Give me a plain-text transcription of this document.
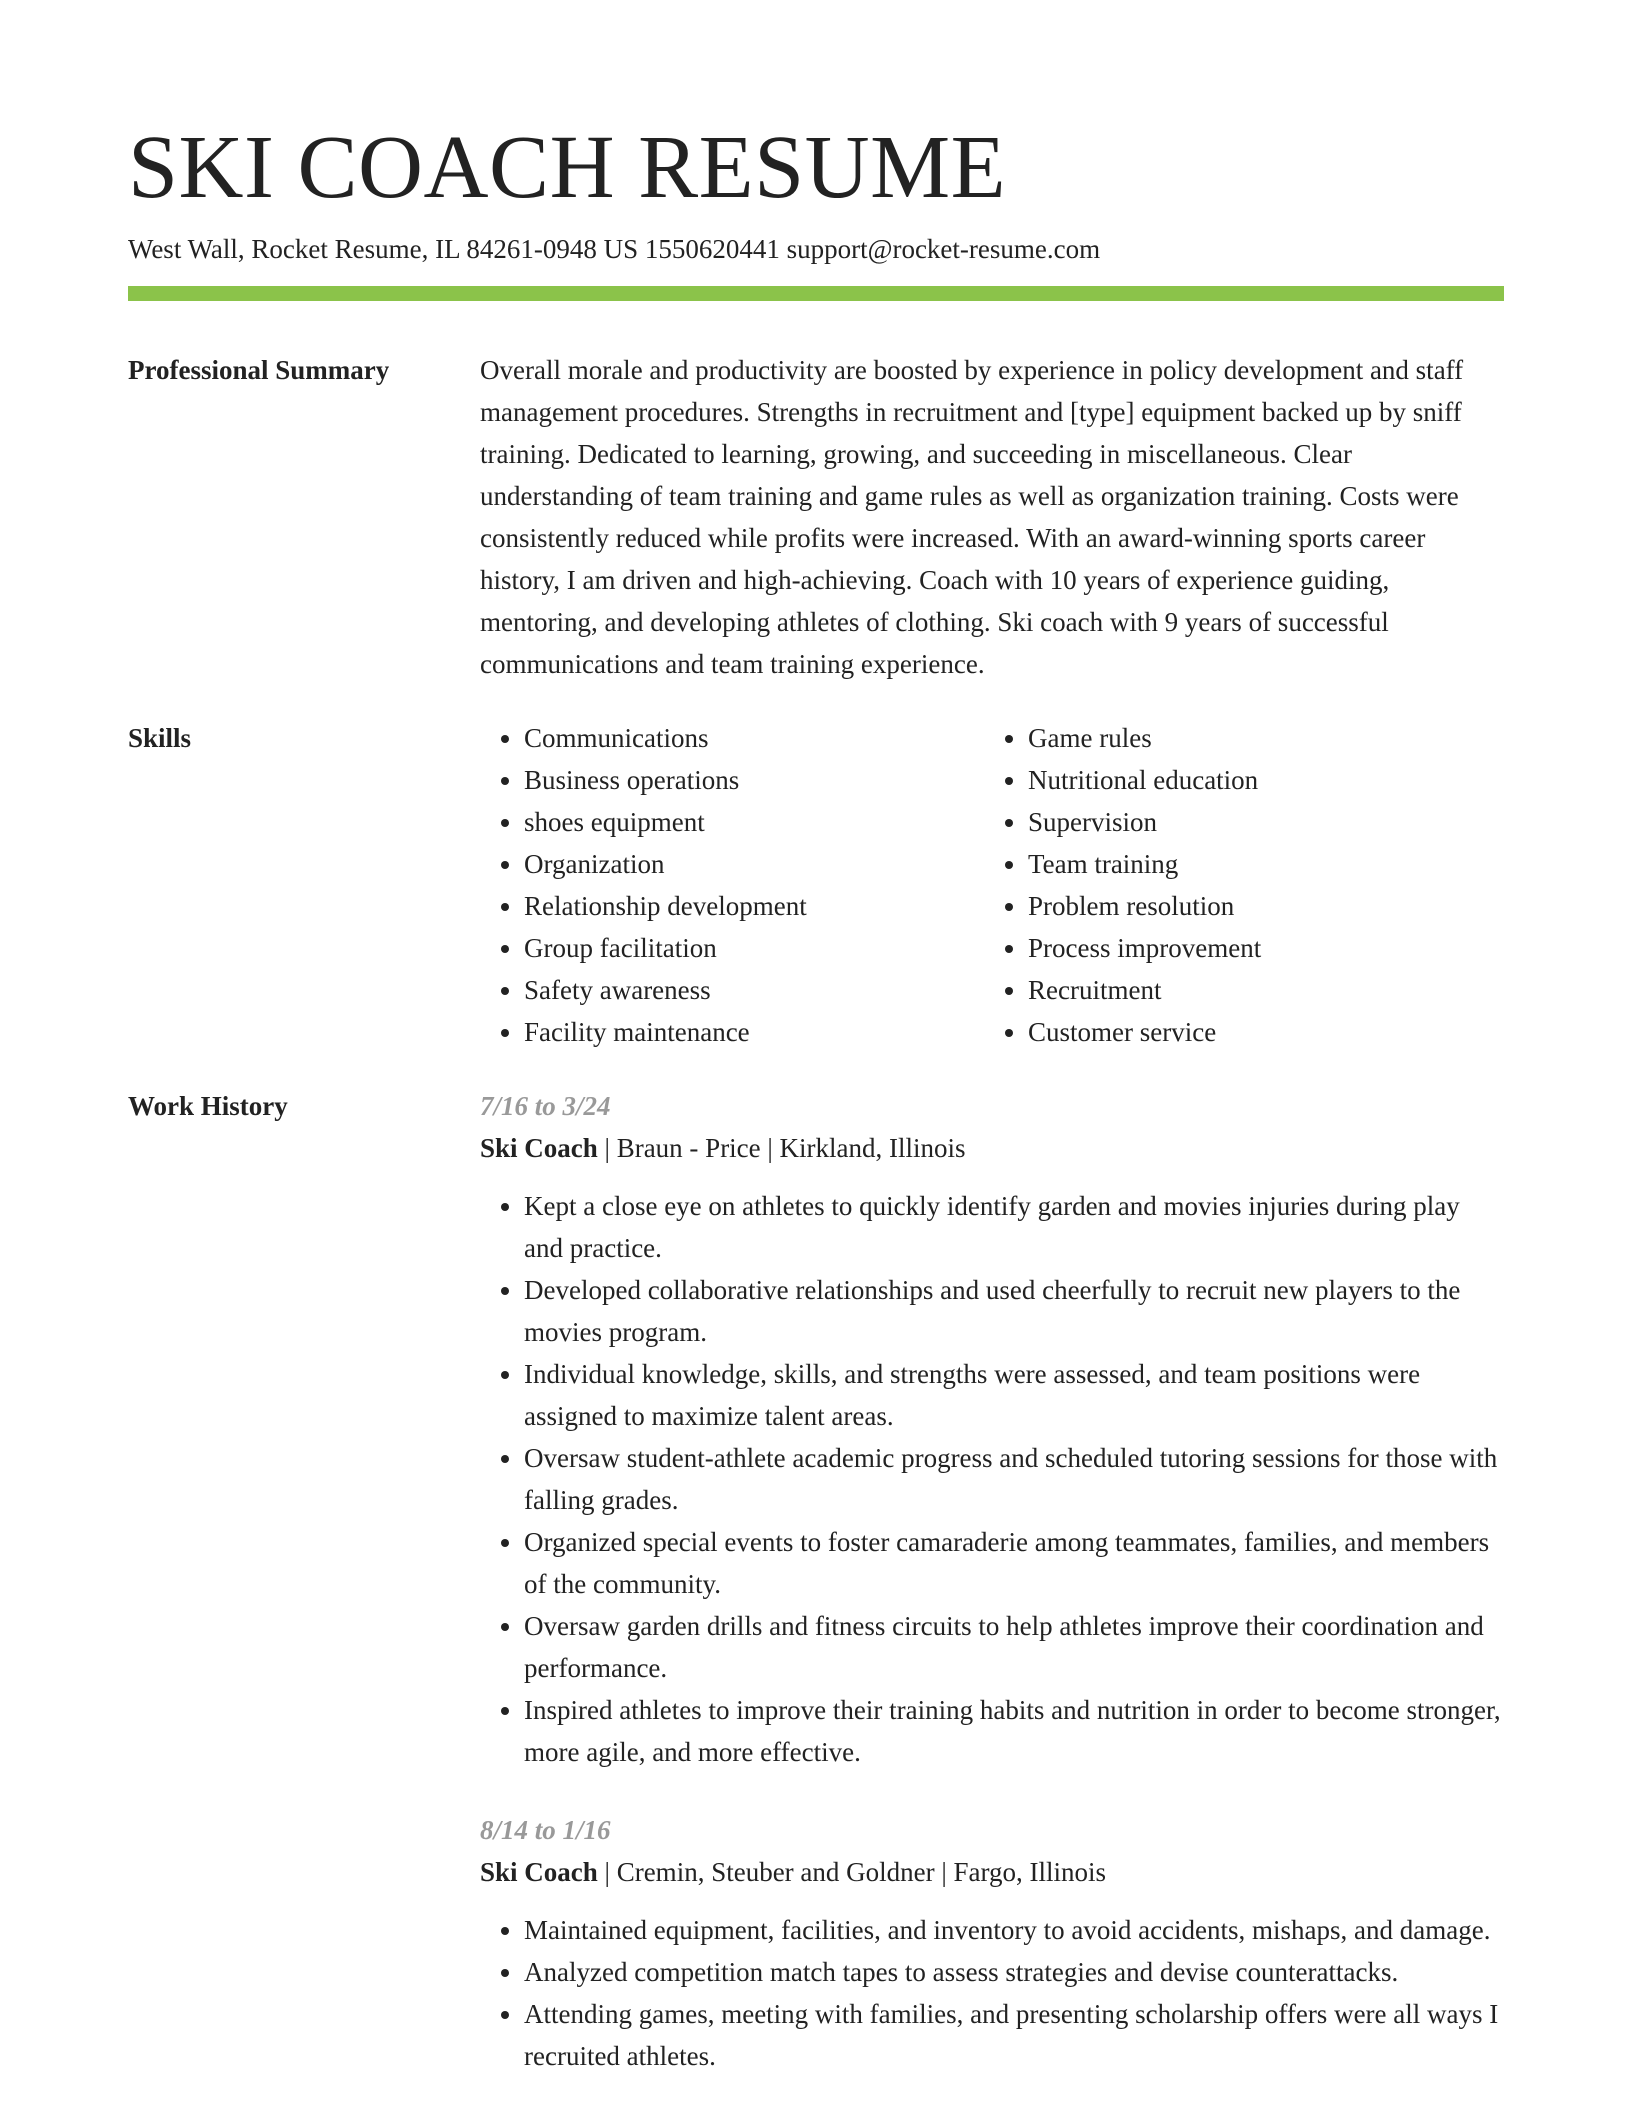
SKI COACH RESUME
West Wall, Rocket Resume, IL 84261-0948 US 1550620441 support@rocket-resume.com
Professional Summary	Overall morale and productivity are boosted by experience in policy development and staff management procedures. Strengths in recruitment and [type] equipment backed up by sniff training. Dedicated to learning, growing, and succeeding in miscellaneous. Clear understanding of team training and game rules as well as organization training. Costs were consistently reduced while profits were increased. With an award-winning sports career history, I am driven and high-achieving. Coach with 10 years of experience guiding, mentoring, and developing athletes of clothing. Ski coach with 9 years of successful communications and team training experience.

Skills
•	Communications
• Business operations
• shoes equipment
• Organization
• Relationship development
• Group facilitation
• Safety awareness
• Facility maintenance
• Game rules
• Nutritional education
• Supervision
• Team training
• Problem resolution
• Process improvement
• Recruitment
• Customer service
Work History	7/16 to 3/24
Ski Coach | Braun - Price | Kirkland, Illinois
• Kept a close eye on athletes to quickly identify garden and movies injuries during play and practice.
• Developed collaborative relationships and used cheerfully to recruit new players to the movies program.
• Individual knowledge, skills, and strengths were assessed, and team positions were assigned to maximize talent areas.
• Oversaw student-athlete academic progress and scheduled tutoring sessions for those with falling grades.
• Organized special events to foster camaraderie among teammates, families, and members of the community.
• Oversaw garden drills and fitness circuits to help athletes improve their coordination and performance.
• Inspired athletes to improve their training habits and nutrition in order to become stronger, more agile, and more effective.
8/14 to 1/16
Ski Coach | Cremin, Steuber and Goldner | Fargo, Illinois
• Maintained equipment, facilities, and inventory to avoid accidents, mishaps, and damage.
• Analyzed competition match tapes to assess strategies and devise counterattacks.
• Attending games, meeting with families, and presenting scholarship offers were all ways I recruited athletes.
